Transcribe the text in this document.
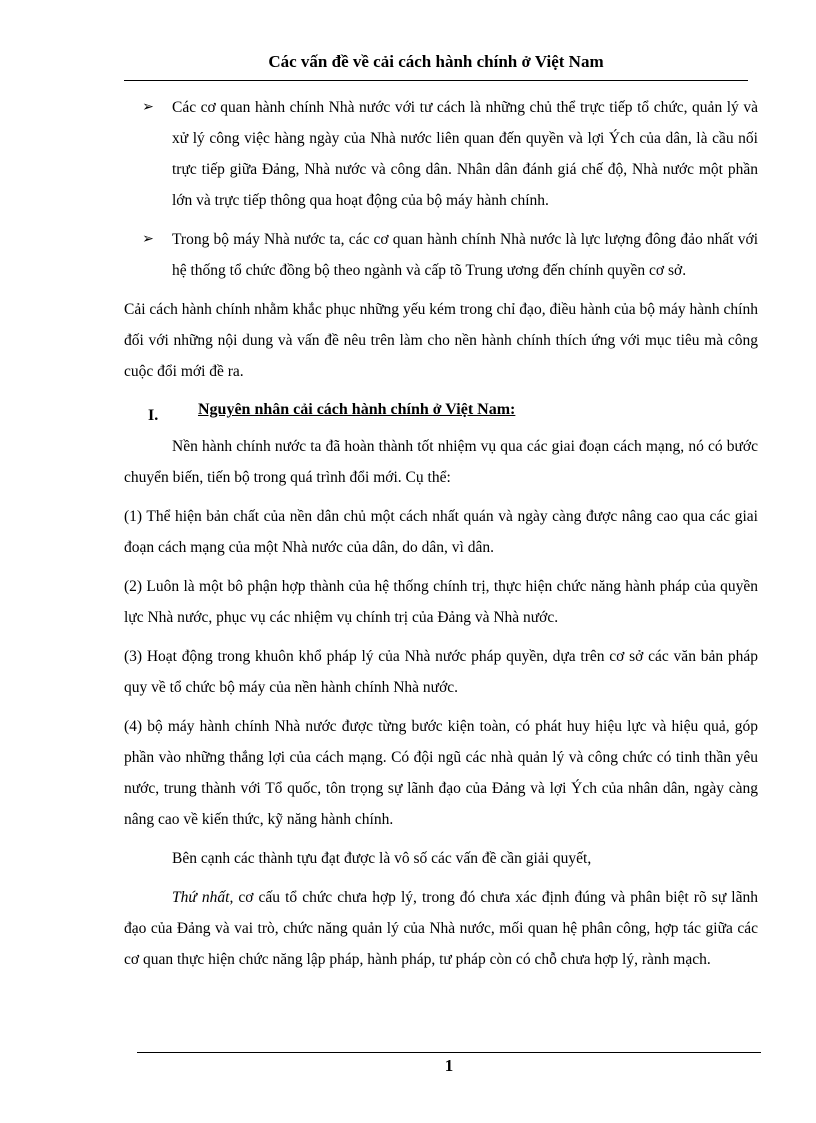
Các vấn đề về cải cách hành chính ở Việt Nam
➢	Các cơ quan hành chính Nhà nước với tư cách là những chủ thể trực tiếp tổ chức, quản lý và xử lý công việc hàng ngày của Nhà nước liên quan đến quyền và lợi Ých của dân, là cầu nối trực tiếp giữa Đảng, Nhà nước và công dân. Nhân dân đánh giá chế độ, Nhà nước một phần lớn và trực tiếp thông qua hoạt động của bộ máy hành chính.
➢	Trong bộ máy Nhà nước ta, các cơ quan hành chính Nhà nước là lực lượng đông đảo nhất với hệ thống tổ chức đồng bộ theo ngành và cấp tõ Trung ương đến chính quyền cơ sở.

Cải cách hành chính nhằm khắc phục những yếu kém trong chỉ đạo, điều hành của bộ máy hành chính đối với những nội dung và vấn đề nêu trên làm cho nền hành chính thích ứng với mục tiêu mà công cuộc đổi mới đề ra.

I.	Nguyên nhân cải cách hành chính ở Việt Nam:

Nền hành chính nước ta đã hoàn thành tốt nhiệm vụ qua các giai đoạn cách mạng, nó có bước chuyển biến, tiến bộ trong quá trình đổi mới. Cụ thể:

(1) Thể hiện bản chất của nền dân chủ một cách nhất quán và ngày càng được nâng cao qua các giai đoạn cách mạng của một Nhà nước của dân, do dân, vì dân.

(2) Luôn là một bô phận hợp thành của hệ thống chính trị, thực hiện chức năng hành pháp của quyền lực Nhà nước, phục vụ các nhiệm vụ chính trị của Đảng và Nhà nước.

(3) Hoạt động trong khuôn khổ pháp lý của Nhà nước pháp quyền, dựa trên cơ sở các văn bản pháp quy về tổ chức bộ máy của nền hành chính Nhà nước.

(4) bộ máy hành chính Nhà nước được từng bước kiện toàn, có phát huy hiệu lực và hiệu quả, góp phần vào những thắng lợi của cách mạng. Có đội ngũ các nhà quản lý và công chức có tinh thần yêu nước, trung thành với Tổ quốc, tôn trọng sự lãnh đạo của Đảng và lợi Ých của nhân dân, ngày càng nâng cao về kiến thức, kỹ năng hành chính.

Bên cạnh các thành tựu đạt được là vô số các vấn đề cần giải quyết,

Thứ nhất, cơ cấu tổ chức chưa hợp lý, trong đó chưa xác định đúng và phân biệt rõ sự lãnh đạo của Đảng và vai trò, chức năng quản lý của Nhà nước, mối quan hệ phân công, hợp tác giữa các cơ quan thực hiện chức năng lập pháp, hành pháp, tư pháp còn có chỗ chưa hợp lý, rành mạch.

1
